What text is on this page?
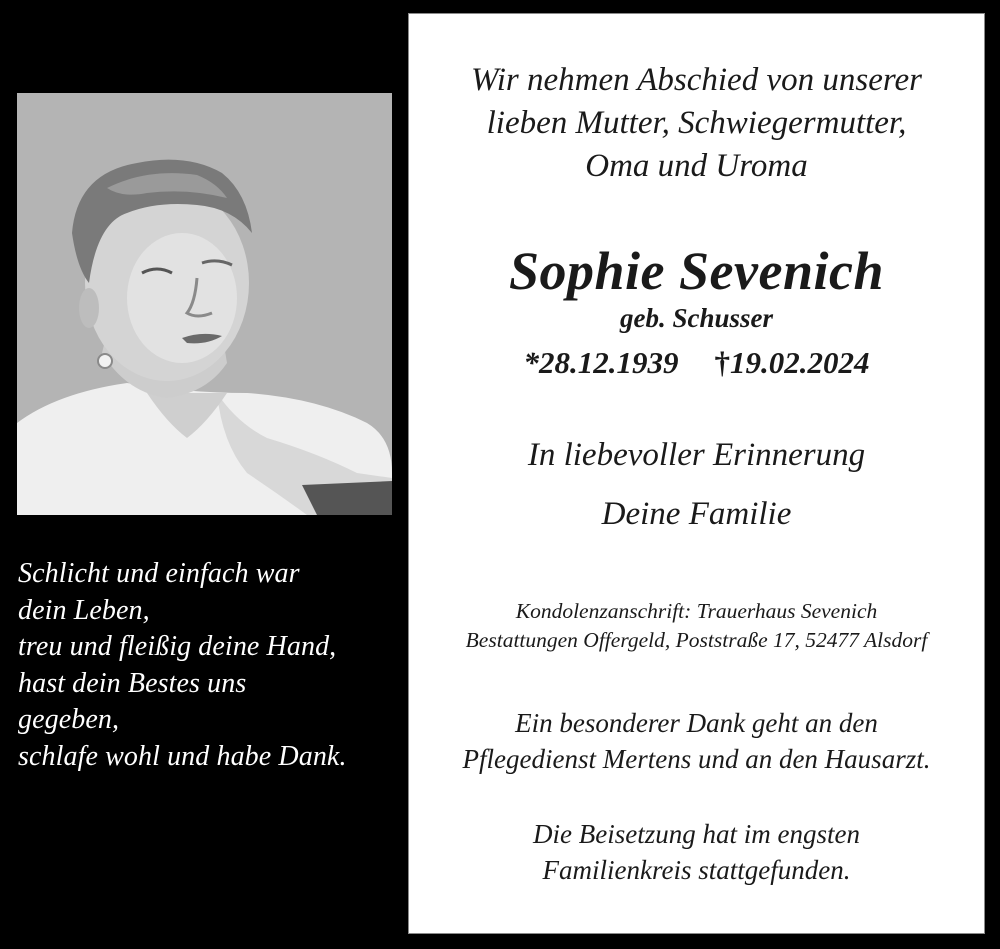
Schlicht und einfach war
dein Leben,
treu und fleißig deine Hand,
hast dein Bestes uns
gegeben,
schlafe wohl und habe Dank.
Wir nehmen Abschied von unserer
lieben Mutter, Schwiegermutter,
Oma und Uroma
Sophie Sevenich
geb. Schusser
*28.12.1939 †19.02.2024
In liebevoller Erinnerung
Deine Familie
Kondolenzanschrift: Trauerhaus Sevenich
Bestattungen Offergeld, Poststraße 17, 52477 Alsdorf
Ein besonderer Dank geht an den
Pflegedienst Mertens und an den Hausarzt.
Die Beisetzung hat im engsten
Familienkreis stattgefunden.
